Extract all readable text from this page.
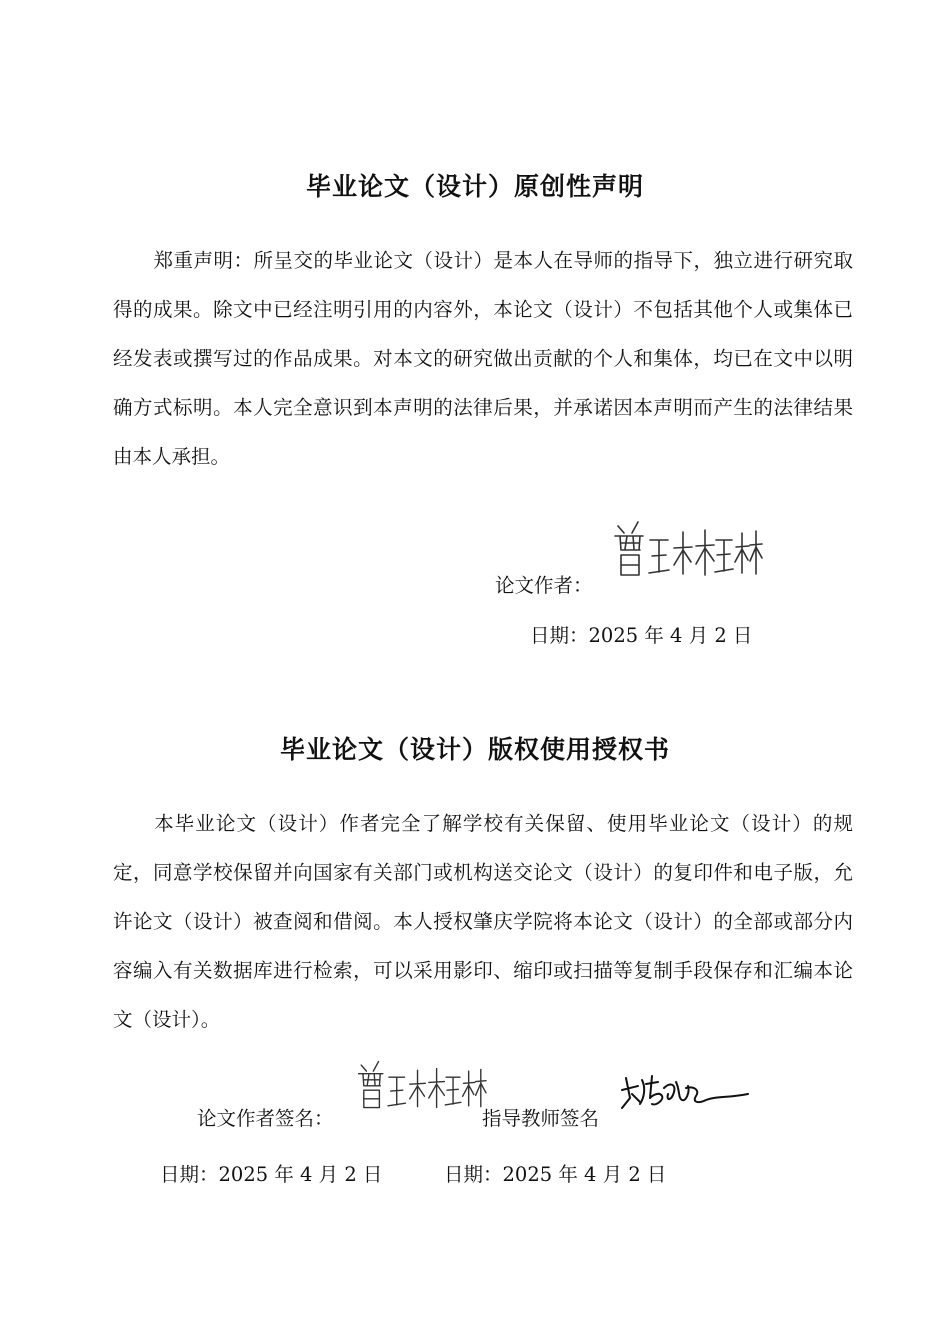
毕业论文（设计）原创性声明

郑重声明：所呈交的毕业论文（设计）是本人在导师的指导下，独立进行研究取得的成果。除文中已经注明引用的内容外，本论文（设计）不包括其他个人或集体已经发表或撰写过的作品成果。对本文的研究做出贡献的个人和集体，均已在文中以明确方式标明。本人完全意识到本声明的法律后果，并承诺因本声明而产生的法律结果由本人承担。

论文作者：
日期：2025 年 4 月 2 日
毕业论文（设计）版权使用授权书

本毕业论文（设计）作者完全了解学校有关保留、使用毕业论文（设计）的规定，同意学校保留并向国家有关部门或机构送交论文（设计）的复印件和电子版，允许论文（设计）被查阅和借阅。本人授权肇庆学院将本论文（设计）的全部或部分内容编入有关数据库进行检索，可以采用影印、缩印或扫描等复制手段保存和汇编本论文（设计）。

论文作者签名：	指导教师签名
日期：2025 年 4 月 2 日	日期：2025 年 4 月 2 日
